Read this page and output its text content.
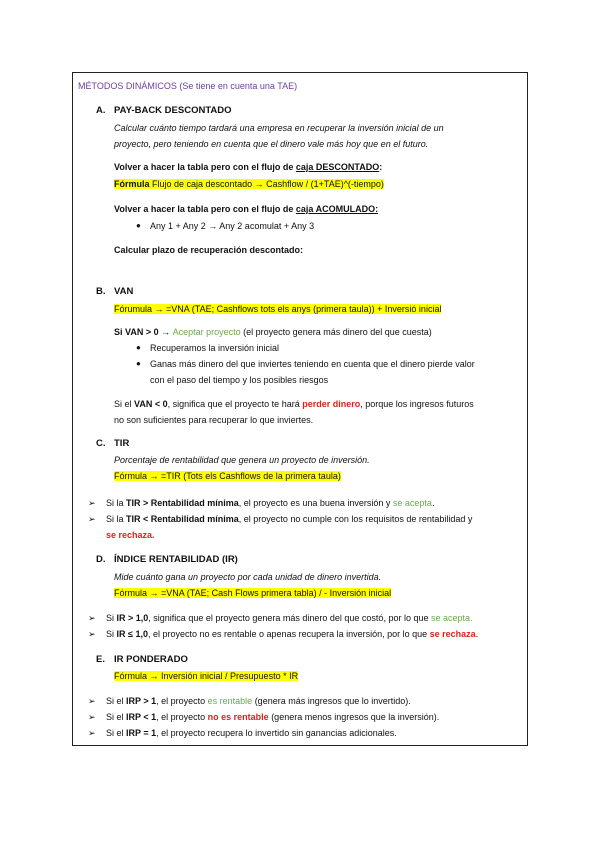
MÉTODOS DINÁMICOS (Se tiene en cuenta una TAE)
A. PAY-BACK DESCONTADO
Calcular cuánto tiempo tardará una empresa en recuperar la inversión inicial de un
proyecto, pero teniendo en cuenta que el dinero vale más hoy que en el futuro.
Volver a hacer la tabla pero con el flujo de caja DESCONTADO:
Fórmula Flujo de caja descontado → Cashflow / (1+TAE)^(-tiempo)
Volver a hacer la tabla pero con el flujo de caja ACOMULADO:
● Any 1 + Any 2 → Any 2 acomulat + Any 3
Calcular plazo de recuperación descontado:
B. VAN
Fórumula → =VNA (TAE; Cashflows tots els anys (primera taula)) + Inversió inicial
Si VAN > 0 → Aceptar proyecto (el proyecto genera más dinero del que cuesta)
● Recuperamos la inversión inicial
● Ganas más dinero del que inviertes teniendo en cuenta que el dinero pierde valor
con el paso del tiempo y los posibles riesgos
Si el VAN < 0, significa que el proyecto te hará perder dinero, porque los ingresos futuros
no son suficientes para recuperar lo que inviertes.
C. TIR
Porcentaje de rentabilidad que genera un proyecto de inversión.
Fórmula → =TIR (Tots els Cashflows de la primera taula)
➢ Si la TIR > Rentabilidad mínima, el proyecto es una buena inversión y se acepta.
➢ Si la TIR < Rentabilidad mínima, el proyecto no cumple con los requisitos de rentabilidad y
se rechaza.
D. ÍNDICE RENTABILIDAD (IR)
Mide cuánto gana un proyecto por cada unidad de dinero invertida.
Fórmula → =VNA (TAE; Cash Flows primera tabla) / - Inversión inicial
➢ Si IR > 1,0, significa que el proyecto genera más dinero del que costó, por lo que se acepta.
➢ Si IR ≤ 1,0, el proyecto no es rentable o apenas recupera la inversión, por lo que se rechaza.
E. IR PONDERADO
Fórmula → Inversión inicial / Presupuesto * IR
➢ Si el IRP > 1, el proyecto es rentable (genera más ingresos que lo invertido).
➢ Si el IRP < 1, el proyecto no es rentable (genera menos ingresos que la inversión).
➢ Si el IRP = 1, el proyecto recupera lo invertido sin ganancias adicionales.
